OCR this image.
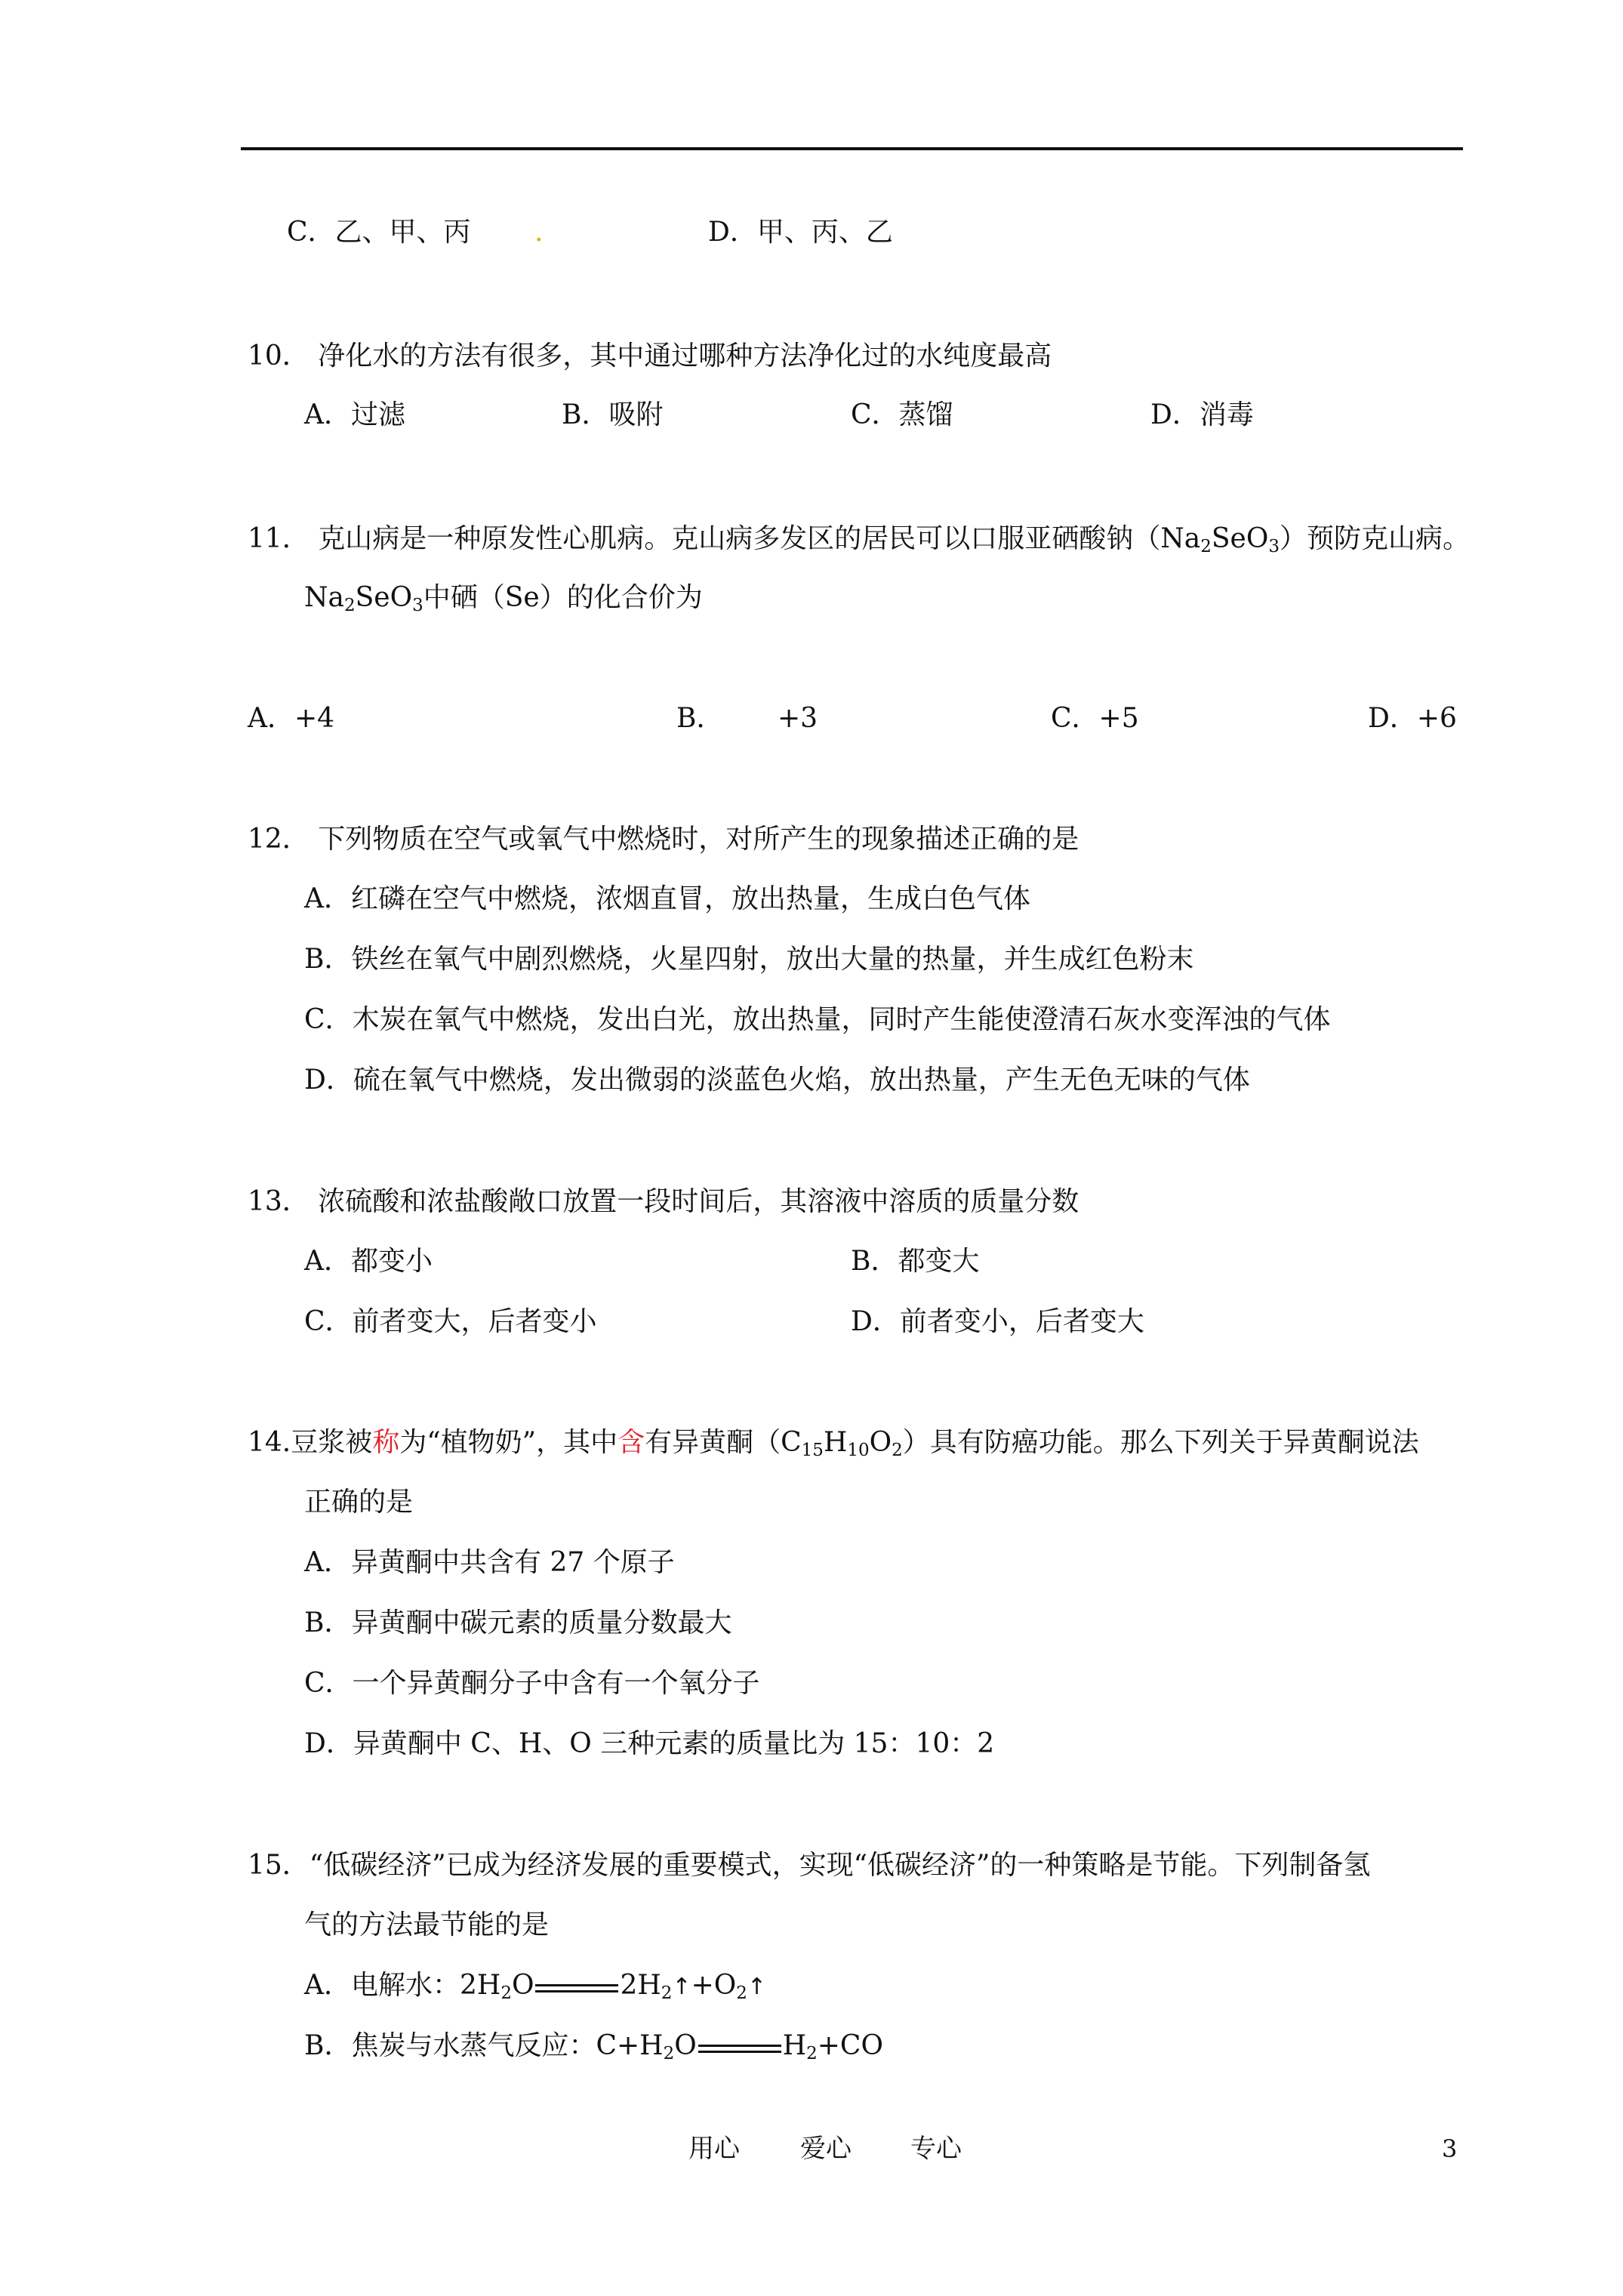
C．乙、甲、丙 .	D．甲、丙、乙
10． 净化水的方法有很多，其中通过哪种方法净化过的水纯度最高
A．过滤	B．吸附	C．蒸馏	D．消毒
11． 克山病是一种原发性心肌病。克山病多发区的居民可以口服亚硒酸钠$(Na_2SeO_3)$预防克山病。
$Na_2SeO_3$中硒（Se）的化合价为
A．+4	B． +3	C．+5	D．+6
12． 下列物质在空气或氧气中燃烧时，对所产生的现象描述正确的是
A．红磷在空气中燃烧，浓烟直冒，放出热量，生成白色气体
B．铁丝在氧气中剧烈燃烧，火星四射，放出大量的热量，并生成红色粉末
C．木炭在氧气中燃烧，发出白光，放出热量，同时产生能使澄清石灰水变浑浊的气体
D．硫在氧气中燃烧，发出微弱的淡蓝色火焰，放出热量，产生无色无味的气体
13． 浓硫酸和浓盐酸敞口放置一段时间后，其溶液中溶质的质量分数
A．都变小	B．都变大
C．前者变大，后者变小	D．前者变小，后者变大
14.豆浆被称为“植物奶”，其中含有异黄酮$(C_{15}H_{10}O_2)$具有防癌功能。那么下列关于异黄酮说法
正确的是
A．异黄酮中共含有 27 个原子
B．异黄酮中碳元素的质量分数最大
C．一个异黄酮分子中含有一个氧分子
D．异黄酮中 C、H、O 三种元素的质量比为 15：10：2
15．“低碳经济”已成为经济发展的重要模式，实现“低碳经济”的一种策略是节能。下列制备氢
气的方法最节能的是
A．电解水：$2H_2O$	$2H_2↑+O_2↑$
B．焦炭与水蒸气反应：$C+H_2O$	$H_2+CO$
用心 爱心 专心	3
